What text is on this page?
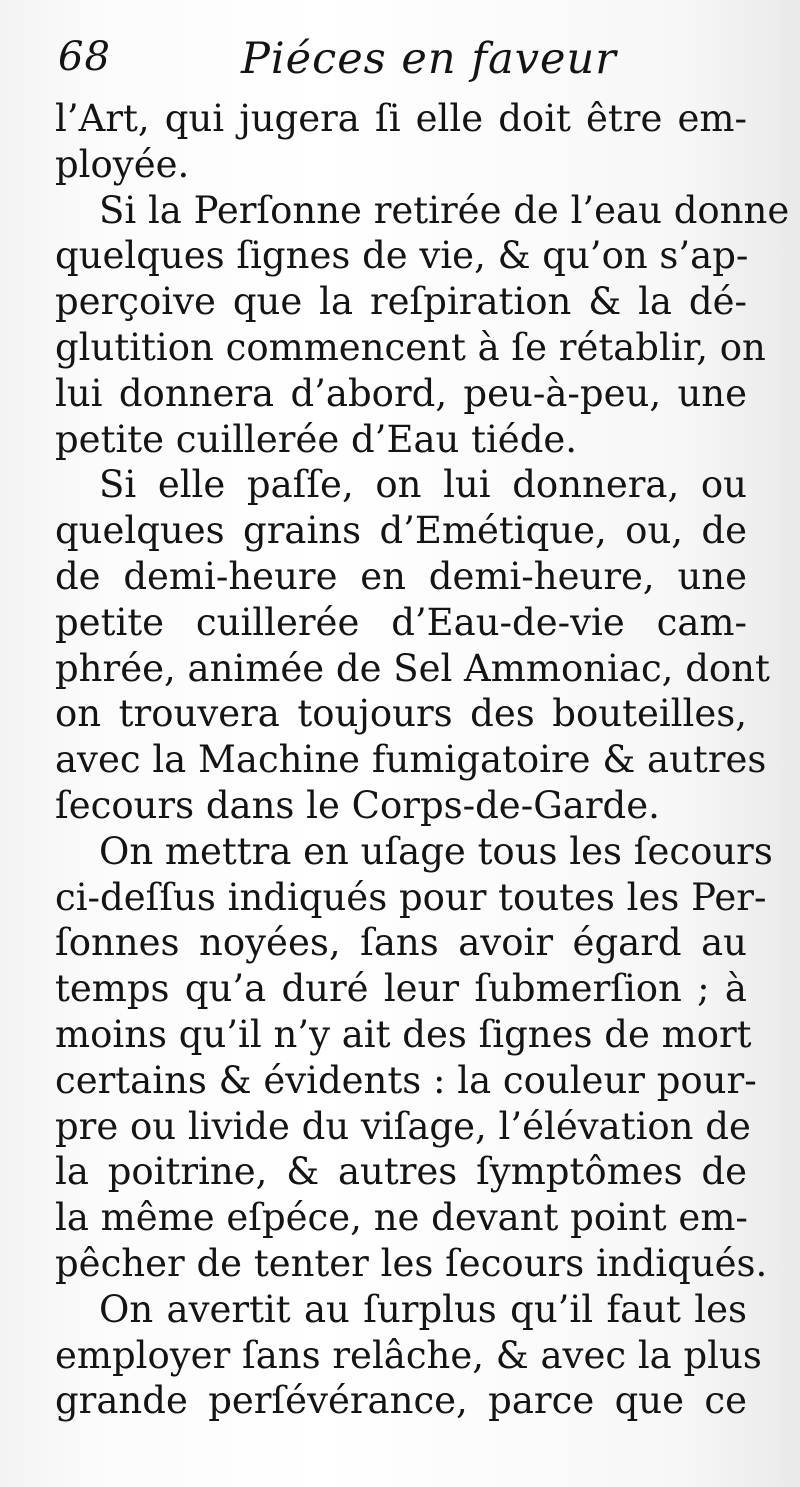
68	Piéces en faveur
l’Art, qui jugera ſi elle doit être em-
ployée.
Si la Perſonne retirée de l’eau donne
quelques ſignes de vie, & qu’on s’ap-
perçoive que la reſpiration & la dé-
glutition commencent à ſe rétablir, on
lui donnera d’abord, peu-à-peu, une
petite cuillerée d’Eau tiéde.
Si elle paſſe, on lui donnera, ou
quelques grains d’Emétique, ou, de
de demi-heure en demi-heure, une
petite cuillerée d’Eau-de-vie cam-
phrée, animée de Sel Ammoniac, dont
on trouvera toujours des bouteilles,
avec la Machine fumigatoire & autres
ſecours dans le Corps-de-Garde.
On mettra en uſage tous les ſecours
ci-deſſus indiqués pour toutes les Per-
ſonnes noyées, ſans avoir égard au
temps qu’a duré leur ſubmerſion ; à
moins qu’il n’y ait des ſignes de mort
certains & évidents : la couleur pour-
pre ou livide du viſage, l’élévation de
la poitrine, & autres ſymptômes de
la même eſpéce, ne devant point em-
pêcher de tenter les ſecours indiqués.
On avertit au ſurplus qu’il faut les
employer ſans relâche, & avec la plus
grande perſévérance, parce que ce
